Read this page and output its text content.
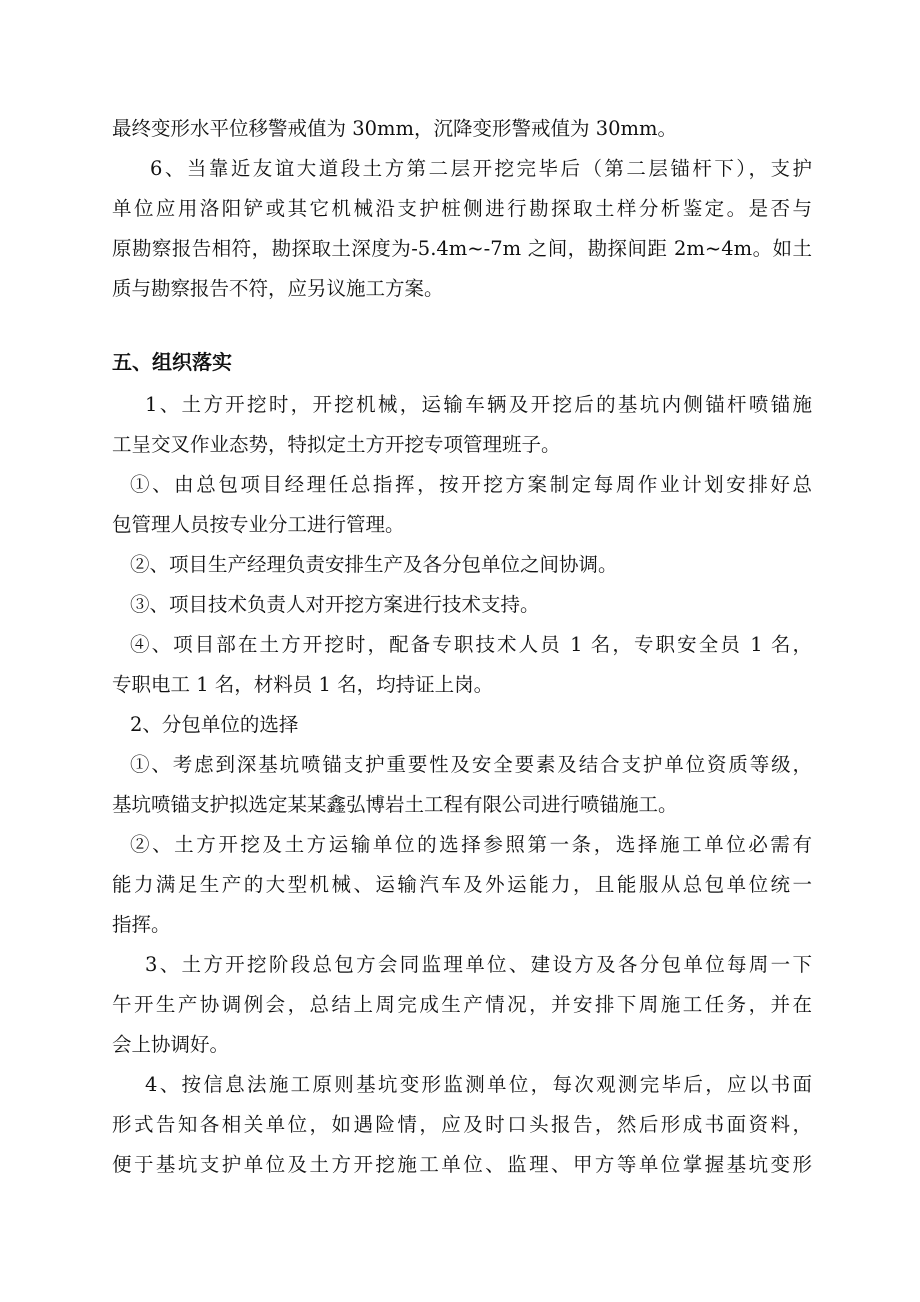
最终变形水平位移警戒值为 30mm，沉降变形警戒值为 30mm。
6、当靠近友谊大道段土方第二层开挖完毕后（第二层锚杆下），支护
单位应用洛阳铲或其它机械沿支护桩侧进行勘探取土样分析鉴定。是否与
原勘察报告相符，勘探取土深度为-5.4m~-7m 之间，勘探间距 2m~4m。如土
质与勘察报告不符，应另议施工方案。
五、组织落实
1、土方开挖时，开挖机械，运输车辆及开挖后的基坑内侧锚杆喷锚施
工呈交叉作业态势，特拟定土方开挖专项管理班子。
①、由总包项目经理任总指挥，按开挖方案制定每周作业计划安排好总
包管理人员按专业分工进行管理。
②、项目生产经理负责安排生产及各分包单位之间协调。
③、项目技术负责人对开挖方案进行技术支持。
④、项目部在土方开挖时，配备专职技术人员 1 名，专职安全员 1 名，
专职电工 1 名，材料员 1 名，均持证上岗。
2、分包单位的选择
①、考虑到深基坑喷锚支护重要性及安全要素及结合支护单位资质等级，
基坑喷锚支护拟选定某某鑫弘博岩土工程有限公司进行喷锚施工。
②、土方开挖及土方运输单位的选择参照第一条，选择施工单位必需有
能力满足生产的大型机械、运输汽车及外运能力，且能服从总包单位统一
指挥。
3、土方开挖阶段总包方会同监理单位、建设方及各分包单位每周一下
午开生产协调例会，总结上周完成生产情况，并安排下周施工任务，并在
会上协调好。
4、按信息法施工原则基坑变形监测单位，每次观测完毕后，应以书面
形式告知各相关单位，如遇险情，应及时口头报告，然后形成书面资料，
便于基坑支护单位及土方开挖施工单位、监理、甲方等单位掌握基坑变形
